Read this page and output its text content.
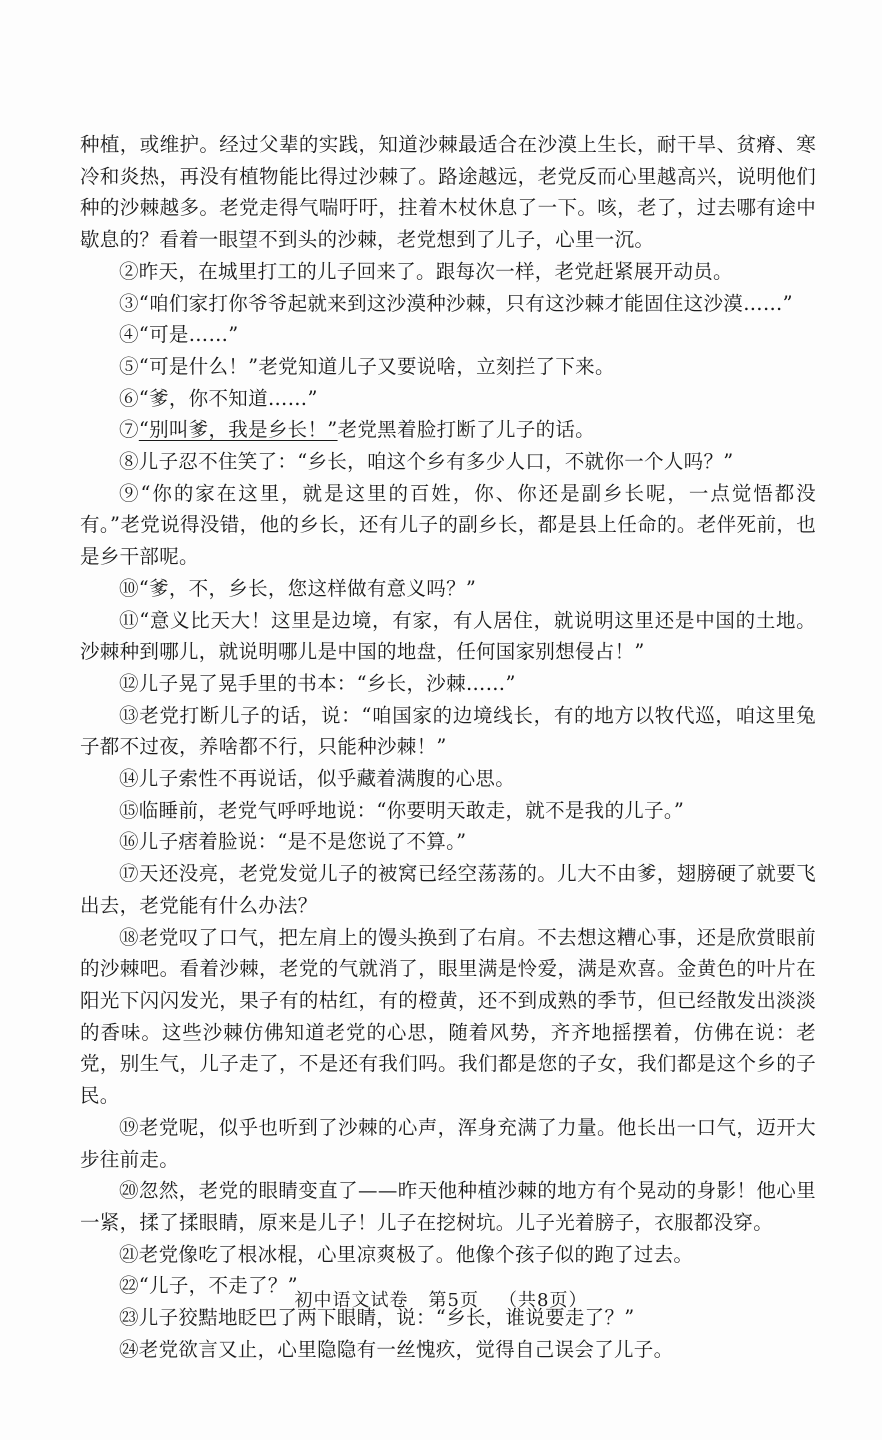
种植，或维护。经过父辈的实践，知道沙棘最适合在沙漠上生长，耐干旱、贫瘠、寒冷和炎热，再没有植物能比得过沙棘了。路途越远，老党反而心里越高兴，说明他们种的沙棘越多。老党走得气喘吁吁，拄着木杖休息了一下。咳，老了，过去哪有途中歇息的？看着一眼望不到头的沙棘，老党想到了儿子，心里一沉。

②昨天，在城里打工的儿子回来了。跟每次一样，老党赶紧展开动员。

③“咱们家打你爷爷起就来到这沙漠种沙棘，只有这沙棘才能固住这沙漠……”

④“可是……”

⑤“可是什么！”老党知道儿子又要说啥，立刻拦了下来。

⑥“爹，你不知道……”

⑦“别叫爹，我是乡长！”老党黑着脸打断了儿子的话。

⑧儿子忍不住笑了：“乡长，咱这个乡有多少人口，不就你一个人吗？”

⑨“你的家在这里，就是这里的百姓，你、你还是副乡长呢，一点觉悟都没有。”老党说得没错，他的乡长，还有儿子的副乡长，都是县上任命的。老伴死前，也是乡干部呢。

⑩“爹，不，乡长，您这样做有意义吗？”

⑪“意义比天大！这里是边境，有家，有人居住，就说明这里还是中国的土地。沙棘种到哪儿，就说明哪儿是中国的地盘，任何国家别想侵占！”

⑫儿子晃了晃手里的书本：“乡长，沙棘……”

⑬老党打断儿子的话，说：“咱国家的边境线长，有的地方以牧代巡，咱这里兔子都不过夜，养啥都不行，只能种沙棘！”

⑭儿子索性不再说话，似乎藏着满腹的心思。

⑮临睡前，老党气呼呼地说：“你要明天敢走，就不是我的儿子。”

⑯儿子痞着脸说：“是不是您说了不算。”

⑰天还没亮，老党发觉儿子的被窝已经空荡荡的。儿大不由爹，翅膀硬了就要飞出去，老党能有什么办法？

⑱老党叹了口气，把左肩上的馒头换到了右肩。不去想这糟心事，还是欣赏眼前的沙棘吧。看着沙棘，老党的气就消了，眼里满是怜爱，满是欢喜。金黄色的叶片在阳光下闪闪发光，果子有的枯红，有的橙黄，还不到成熟的季节，但已经散发出淡淡的香味。这些沙棘仿佛知道老党的心思，随着风势，齐齐地摇摆着，仿佛在说：老党，别生气，儿子走了，不是还有我们吗。我们都是您的子女，我们都是这个乡的子民。

⑲老党呢，似乎也听到了沙棘的心声，浑身充满了力量。他长出一口气，迈开大步往前走。

⑳忽然，老党的眼睛变直了——昨天他种植沙棘的地方有个晃动的身影！他心里一紧，揉了揉眼睛，原来是儿子！儿子在挖树坑。儿子光着膀子，衣服都没穿。

㉑老党像吃了根冰棍，心里凉爽极了。他像个孩子似的跑了过去。

㉒“儿子，不走了？”

㉓儿子狡黠地眨巴了两下眼睛，说：“乡长，谁说要走了？”

㉔老党欲言又止，心里隐隐有一丝愧疚，觉得自己误会了儿子。

初中语文试卷 第5页 （共8页）
